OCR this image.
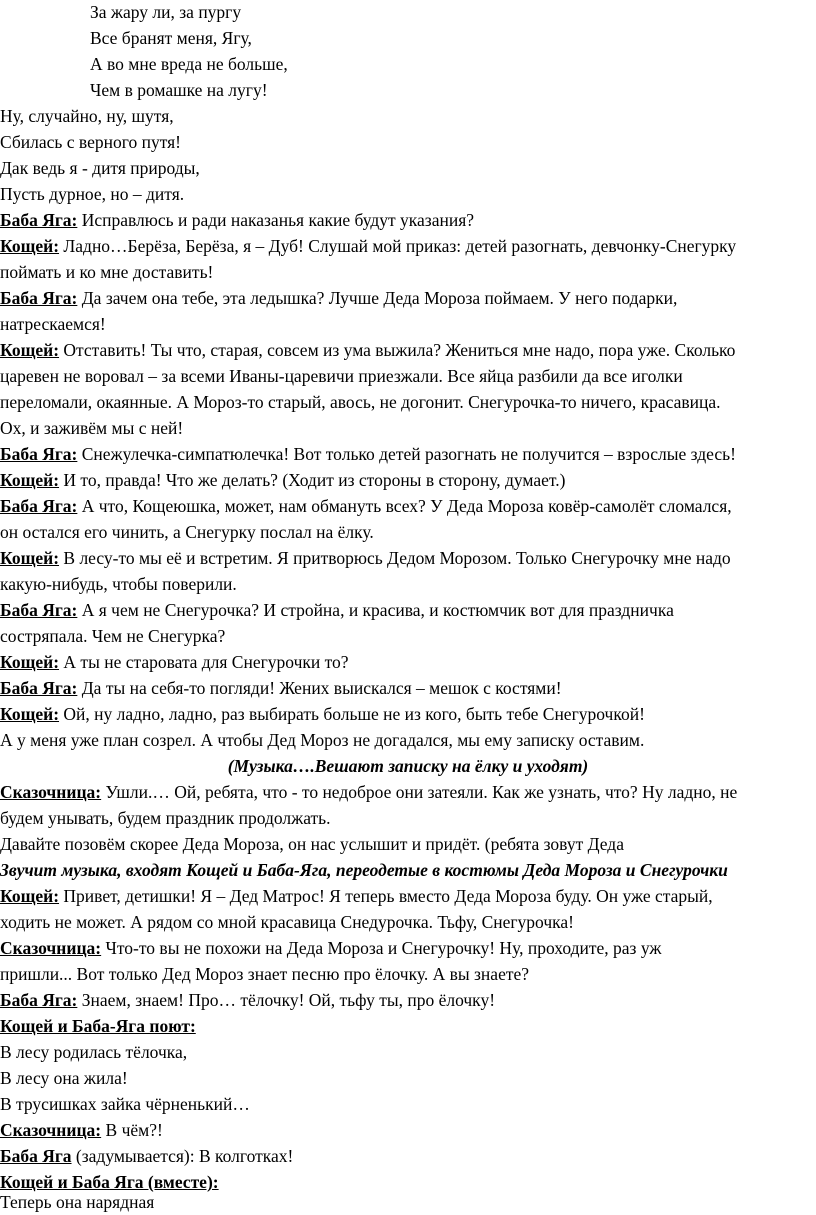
За жару ли, за пургу
Все бранят меня, Ягу,
А во мне вреда не больше,
Чем в ромашке на лугу!
Ну, случайно, ну, шутя,
Сбилась с верного путя!
Дак ведь я - дитя природы,
Пусть дурное, но – дитя.
Баба Яга: Исправлюсь и ради наказанья какие будут указания?
Кощей: Ладно…Берёза, Берёза, я – Дуб! Слушай мой приказ: детей разогнать, девчонку-Снегурку
поймать и ко мне доставить!
Баба Яга: Да зачем она тебе, эта ледышка? Лучше Деда Мороза поймаем. У него подарки,
натрескаемся!
Кощей: Отставить! Ты что, старая, совсем из ума выжила? Жениться мне надо, пора уже. Сколько
царевен не воровал – за всеми Иваны-царевичи приезжали. Все яйца разбили да все иголки
переломали, окаянные. А Мороз-то старый, авось, не догонит. Снегурочка-то ничего, красавица.
Ох, и заживём мы с ней!
Баба Яга: Снежулечка-симпатюлечка! Вот только детей разогнать не получится – взрослые здесь!
Кощей: И то, правда! Что же делать? (Ходит из стороны в сторону, думает.)
Баба Яга: А что, Кощеюшка, может, нам обмануть всех? У Деда Мороза ковёр-самолёт сломался,
он остался его чинить, а Снегурку послал на ёлку.
Кощей: В лесу-то мы её и встретим. Я притворюсь Дедом Морозом. Только Снегурочку мне надо
какую-нибудь, чтобы поверили.
Баба Яга: А я чем не Снегурочка? И стройна, и красива, и костюмчик вот для праздничка
состряпала. Чем не Снегурка?
Кощей: А ты не староватa для Снегурочки то?
Баба Яга: Да ты на себя-то погляди! Жених выискался – мешок с костями!
Кощей: Ой, ну ладно, ладно, раз выбирать больше не из кого, быть тебе Снегурочкой!
А у меня уже план созрел. А чтобы Дед Мороз не догадался, мы ему записку оставим.
(Музыка….Вешают записку на ёлку и уходят)
Сказочница: Ушли.… Ой, ребята, что - то недоброе они затеяли. Как же узнать, что? Ну ладно, не
будем унывать, будем праздник продолжать.
Давайте позовём скорее Деда Мороза, он нас услышит и придёт. (ребята зовут Деда
Звучит музыка, входят Кощей и Баба-Яга, переодетые в костюмы Деда Мороза и Снегурочки
Кощей: Привет, детишки! Я – Дед Матрос! Я теперь вместо Деда Мороза буду. Он уже старый,
ходить не может. А рядом со мной красавица Снедурочка. Тьфу, Снегурочка!
Сказочница: Что-то вы не похожи на Деда Мороза и Снегурочку! Ну, проходите, раз уж
пришли... Вот только Дед Мороз знает песню про ёлочку. А вы знаете?
Баба Яга: Знаем, знаем! Про… тёлочку! Ой, тьфу ты, про ёлочку!
Кощей и Баба-Яга поют:
В лесу родилась тёлочка,
В лесу она жила!
В трусишках зайка чёрненький…
Сказочница: В чём?!
Баба Яга (задумывается): В колготках!
Кощей и Баба Яга (вместе):
Теперь она нарядная
